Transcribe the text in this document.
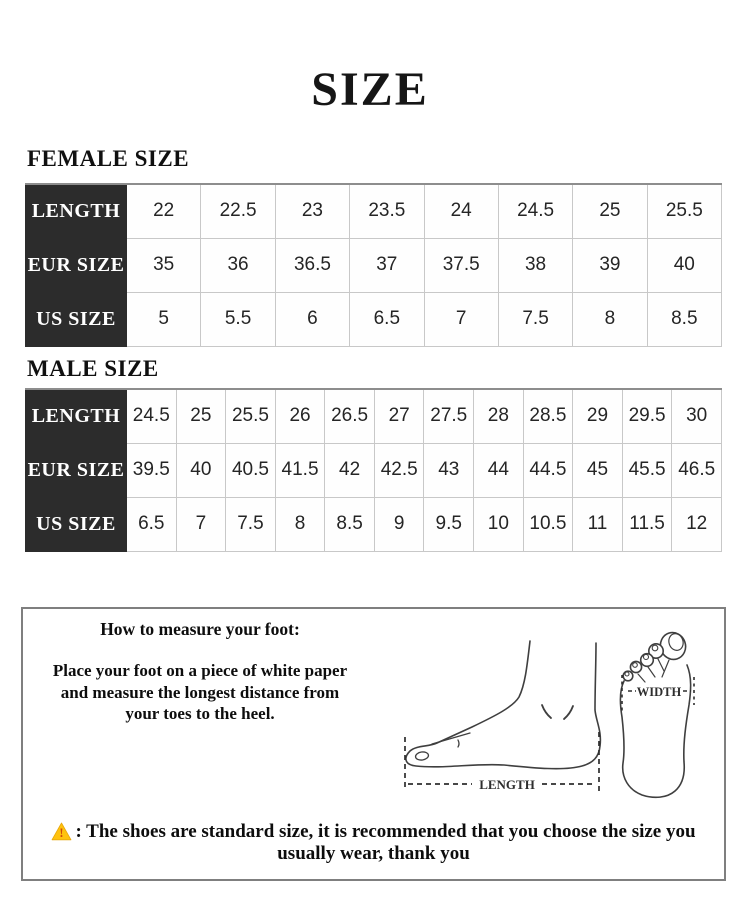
SIZE
FEMALE SIZE
LENGTH	22	22.5	23	23.5	24	24.5	25	25.5
EUR SIZE	35	36	36.5	37	37.5	38	39	40
US SIZE	5	5.5	6	6.5	7	7.5	8	8.5
MALE SIZE
LENGTH	24.5	25	25.5	26	26.5	27	27.5	28	28.5	29	29.5	30
EUR SIZE	39.5	40	40.5	41.5	42	42.5	43	44	44.5	45	45.5	46.5
US SIZE	6.5	7	7.5	8	8.5	9	9.5	10	10.5	11	11.5	12
How to measure your foot:
Place your foot on a piece of white paper
and measure the longest distance from
your toes to the heel.
LENGTH
WIDTH
! : The shoes are standard size, it is recommended that you choose the size you
usually wear, thank you
